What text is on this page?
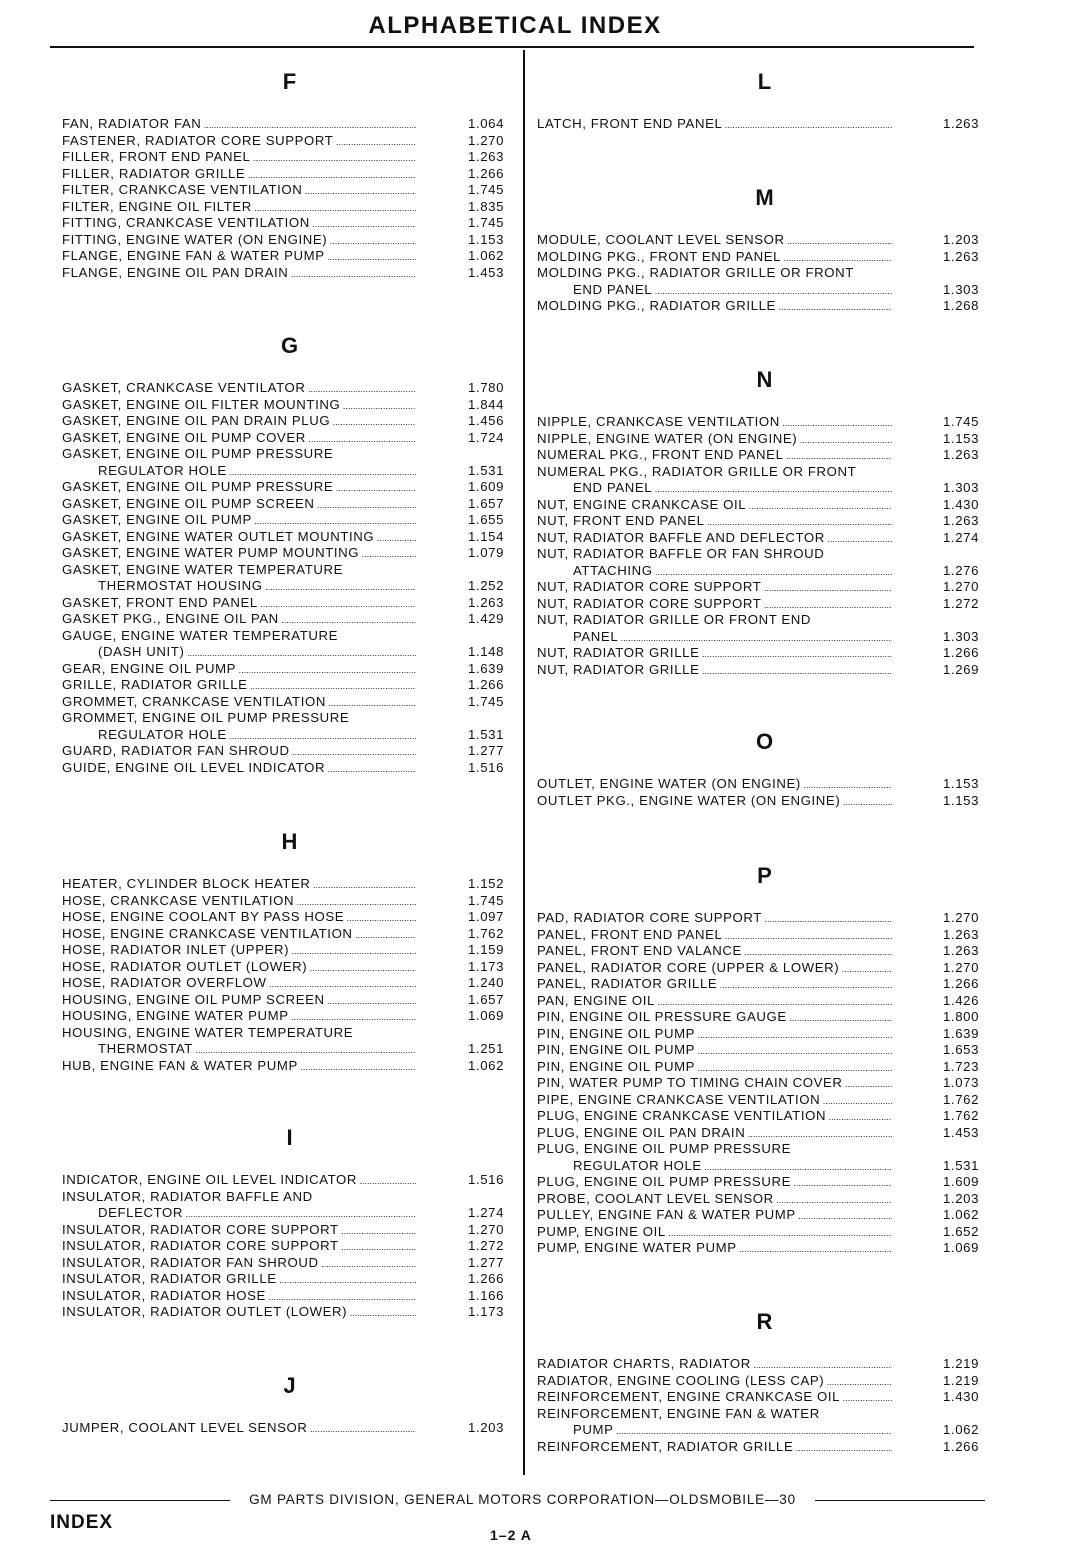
ALPHABETICAL INDEX
F
FAN, RADIATOR FAN .....	1.064
FASTENER, RADIATOR CORE SUPPORT .....	1.270
FILLER, FRONT END PANEL .....	1.263
FILLER, RADIATOR GRILLE .....	1.266
FILTER, CRANKCASE VENTILATION .....	1.745
FILTER, ENGINE OIL FILTER .....	1.835
FITTING, CRANKCASE VENTILATION .....	1.745
FITTING, ENGINE WATER (ON ENGINE) .....	1.153
FLANGE, ENGINE FAN & WATER PUMP .....	1.062
FLANGE, ENGINE OIL PAN DRAIN .....	1.453
G
GASKET, CRANKCASE VENTILATOR .....	1.780
GASKET, ENGINE OIL FILTER MOUNTING .....	1.844
GASKET, ENGINE OIL PAN DRAIN PLUG .....	1.456
GASKET, ENGINE OIL PUMP COVER .....	1.724
GASKET, ENGINE OIL PUMP PRESSURE
REGULATOR HOLE .....	1.531
GASKET, ENGINE OIL PUMP PRESSURE .....	1.609
GASKET, ENGINE OIL PUMP SCREEN .....	1.657
GASKET, ENGINE OIL PUMP .....	1.655
GASKET, ENGINE WATER OUTLET MOUNTING .....	1.154
GASKET, ENGINE WATER PUMP MOUNTING .....	1.079
GASKET, ENGINE WATER TEMPERATURE
THERMOSTAT HOUSING .....	1.252
GASKET, FRONT END PANEL .....	1.263
GASKET PKG., ENGINE OIL PAN .....	1.429
GAUGE, ENGINE WATER TEMPERATURE
(DASH UNIT) .....	1.148
GEAR, ENGINE OIL PUMP .....	1.639
GRILLE, RADIATOR GRILLE .....	1.266
GROMMET, CRANKCASE VENTILATION .....	1.745
GROMMET, ENGINE OIL PUMP PRESSURE
REGULATOR HOLE .....	1.531
GUARD, RADIATOR FAN SHROUD .....	1.277
GUIDE, ENGINE OIL LEVEL INDICATOR .....	1.516
H
HEATER, CYLINDER BLOCK HEATER .....	1.152
HOSE, CRANKCASE VENTILATION .....	1.745
HOSE, ENGINE COOLANT BY PASS HOSE .....	1.097
HOSE, ENGINE CRANKCASE VENTILATION .....	1.762
HOSE, RADIATOR INLET (UPPER) .....	1.159
HOSE, RADIATOR OUTLET (LOWER) .....	1.173
HOSE, RADIATOR OVERFLOW .....	1.240
HOUSING, ENGINE OIL PUMP SCREEN .....	1.657
HOUSING, ENGINE WATER PUMP .....	1.069
HOUSING, ENGINE WATER TEMPERATURE
THERMOSTAT .....	1.251
HUB, ENGINE FAN & WATER PUMP .....	1.062
I
INDICATOR, ENGINE OIL LEVEL INDICATOR .....	1.516
INSULATOR, RADIATOR BAFFLE AND
DEFLECTOR .....	1.274
INSULATOR, RADIATOR CORE SUPPORT .....	1.270
INSULATOR, RADIATOR CORE SUPPORT .....	1.272
INSULATOR, RADIATOR FAN SHROUD .....	1.277
INSULATOR, RADIATOR GRILLE .....	1.266
INSULATOR, RADIATOR HOSE .....	1.166
INSULATOR, RADIATOR OUTLET (LOWER) .....	1.173
J
JUMPER, COOLANT LEVEL SENSOR .....	1.203
L
LATCH, FRONT END PANEL .....	1.263
M
MODULE, COOLANT LEVEL SENSOR .....	1.203
MOLDING PKG., FRONT END PANEL .....	1.263
MOLDING PKG., RADIATOR GRILLE OR FRONT
END PANEL .....	1.303
MOLDING PKG., RADIATOR GRILLE .....	1.268
N
NIPPLE, CRANKCASE VENTILATION .....	1.745
NIPPLE, ENGINE WATER (ON ENGINE) .....	1.153
NUMERAL PKG., FRONT END PANEL .....	1.263
NUMERAL PKG., RADIATOR GRILLE OR FRONT
END PANEL .....	1.303
NUT, ENGINE CRANKCASE OIL .....	1.430
NUT, FRONT END PANEL .....	1.263
NUT, RADIATOR BAFFLE AND DEFLECTOR .....	1.274
NUT, RADIATOR BAFFLE OR FAN SHROUD
ATTACHING .....	1.276
NUT, RADIATOR CORE SUPPORT .....	1.270
NUT, RADIATOR CORE SUPPORT .....	1.272
NUT, RADIATOR GRILLE OR FRONT END
PANEL .....	1.303
NUT, RADIATOR GRILLE .....	1.266
NUT, RADIATOR GRILLE .....	1.269
O
OUTLET, ENGINE WATER (ON ENGINE) .....	1.153
OUTLET PKG., ENGINE WATER (ON ENGINE) .....	1.153
P
PAD, RADIATOR CORE SUPPORT .....	1.270
PANEL, FRONT END PANEL .....	1.263
PANEL, FRONT END VALANCE .....	1.263
PANEL, RADIATOR CORE (UPPER & LOWER) .....	1.270
PANEL, RADIATOR GRILLE .....	1.266
PAN, ENGINE OIL .....	1.426
PIN, ENGINE OIL PRESSURE GAUGE .....	1.800
PIN, ENGINE OIL PUMP .....	1.639
PIN, ENGINE OIL PUMP .....	1.653
PIN, ENGINE OIL PUMP .....	1.723
PIN, WATER PUMP TO TIMING CHAIN COVER .....	1.073
PIPE, ENGINE CRANKCASE VENTILATION .....	1.762
PLUG, ENGINE CRANKCASE VENTILATION .....	1.762
PLUG, ENGINE OIL PAN DRAIN .....	1.453
PLUG, ENGINE OIL PUMP PRESSURE
REGULATOR HOLE .....	1.531
PLUG, ENGINE OIL PUMP PRESSURE .....	1.609
PROBE, COOLANT LEVEL SENSOR .....	1.203
PULLEY, ENGINE FAN & WATER PUMP .....	1.062
PUMP, ENGINE OIL .....	1.652
PUMP, ENGINE WATER PUMP .....	1.069
R
RADIATOR CHARTS, RADIATOR .....	1.219
RADIATOR, ENGINE COOLING (LESS CAP) .....	1.219
REINFORCEMENT, ENGINE CRANKCASE OIL .....	1.430
REINFORCEMENT, ENGINE FAN & WATER
PUMP .....	1.062
REINFORCEMENT, RADIATOR GRILLE .....	1.266
GM PARTS DIVISION, GENERAL MOTORS CORPORATION—OLDSMOBILE—30
INDEX
1–2 A
